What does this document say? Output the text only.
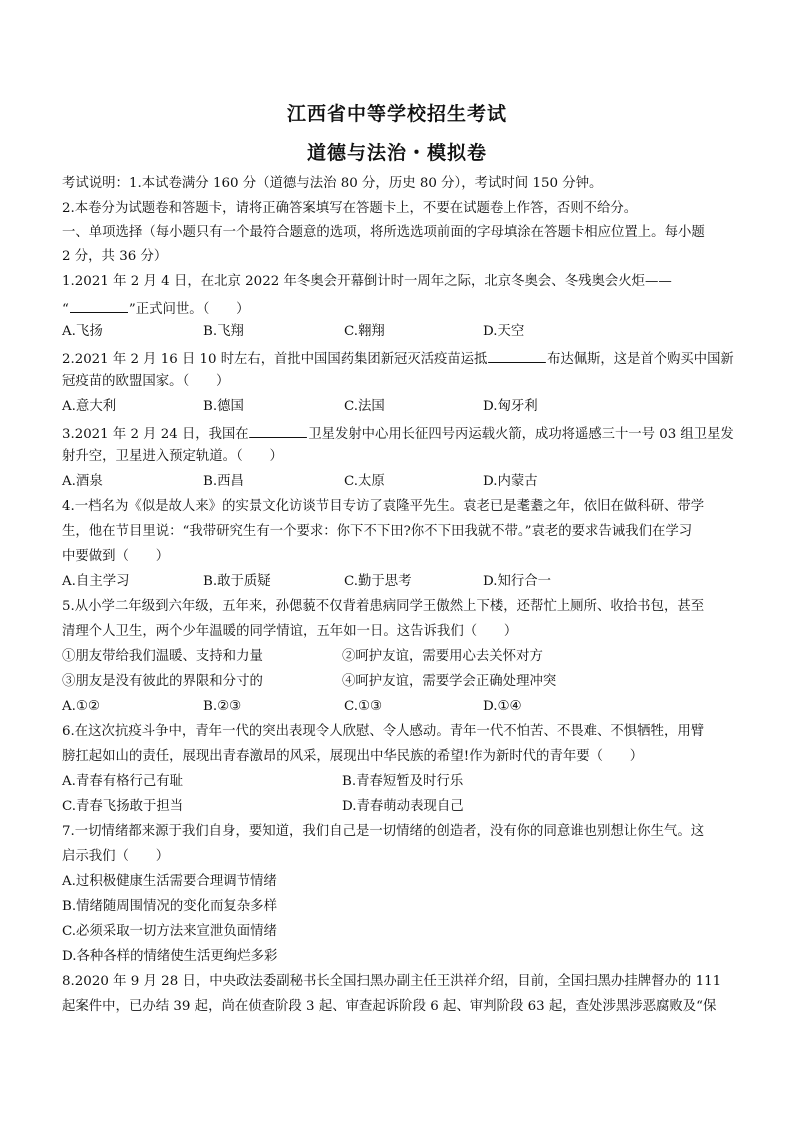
江西省中等学校招生考试
道德与法治・模拟卷
考试说明：1.本试卷满分 160 分（道德与法治 80 分，历史 80 分），考试时间 150 分钟。
2.本卷分为试题卷和答题卡，请将正确答案填写在答题卡上，不要在试题卷上作答，否则不给分。
一、单项选择（每小题只有一个最符合题意的选项，将所选选项前面的字母填涂在答题卡相应位置上。每小题
2 分，共 36 分）
1.2021 年 2 月 4 日，在北京 2022 年冬奥会开幕倒计时一周年之际，北京冬奥会、冬残奥会火炬——
“	”正式问世。（　　）
A.飞扬	B.飞翔	C.翱翔	D.天空
2.2021 年 2 月 16 日 10 时左右，首批中国国药集团新冠灭活疫苗运抵	布达佩斯，这是首个购买中国新
冠疫苗的欧盟国家。（　　）
A.意大利	B.德国	C.法国	D.匈牙利
3.2021 年 2 月 24 日，我国在	卫星发射中心用长征四号丙运载火箭，成功将遥感三十一号 03 组卫星发
射升空，卫星进入预定轨道。（　　）
A.酒泉	B.西昌	C.太原	D.内蒙古
4.一档名为《似是故人来》的实景文化访谈节目专访了袁隆平先生。袁老已是耄耋之年，依旧在做科研、带学
生，他在节目里说：“我带研究生有一个要求：你下不下田?你不下田我就不带。”袁老的要求告诫我们在学习
中要做到（　　）
A.自主学习	B.敢于质疑	C.勤于思考	D.知行合一
5.从小学二年级到六年级，五年来，孙偲藐不仅背着患病同学王傲然上下楼，还帮忙上厕所、收拾书包，甚至
清理个人卫生，两个少年温暖的同学情谊，五年如一日。这告诉我们（　　）
①朋友带给我们温暖、支持和力量	②呵护友谊，需要用心去关怀对方
③朋友是没有彼此的界限和分寸的	④呵护友谊，需要学会正确处理冲突
A.①②	B.②③	C.①③	D.①④
6.在这次抗疫斗争中，青年一代的突出表现令人欣慰、令人感动。青年一代不怕苦、不畏难、不惧牺牲，用臂
膀扛起如山的责任，展现出青春激昂的风采，展现出中华民族的希望!作为新时代的青年要（　　）
A.青春有格行己有耻	B.青春短暂及时行乐
C.青春飞扬敢于担当	D.青春萌动表现自己
7.一切情绪都来源于我们自身，要知道，我们自己是一切情绪的创造者，没有你的同意谁也别想让你生气。这
启示我们（　　）
A.过积极健康生活需要合理调节情绪
B.情绪随周围情况的变化而复杂多样
C.必须采取一切方法来宣泄负面情绪
D.各种各样的情绪使生活更绚烂多彩
8.2020 年 9 月 28 日，中央政法委副秘书长全国扫黑办副主任王洪祥介绍，目前，全国扫黑办挂牌督办的 111
起案件中，已办结 39 起，尚在侦查阶段 3 起、审查起诉阶段 6 起、审判阶段 63 起，查处涉黑涉恶腐败及“保
